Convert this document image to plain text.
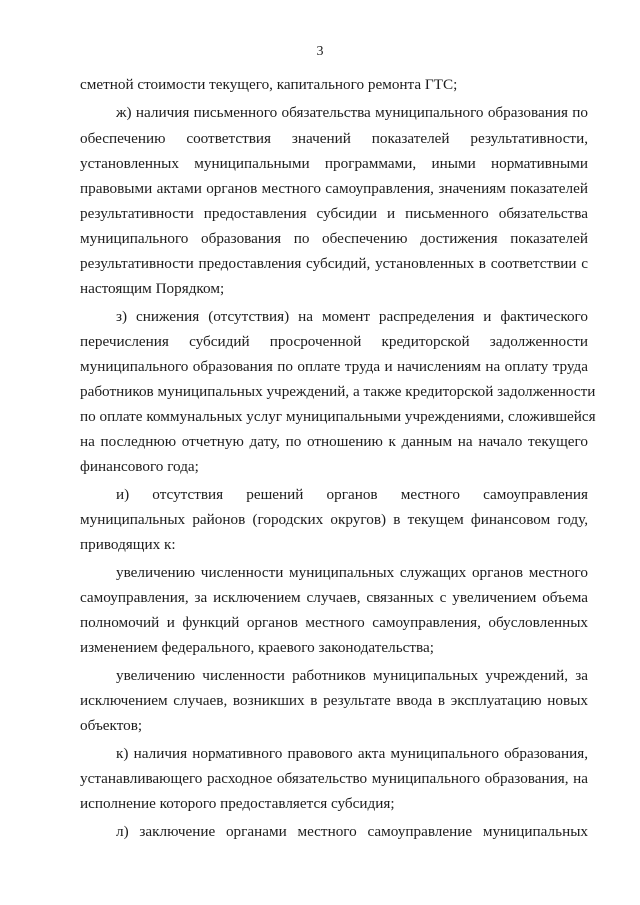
3
сметной стоимости текущего, капитального ремонта ГТС;
ж) наличия письменного обязательства муниципального образования по
обеспечению соответствия значений показателей результативности,
установленных муниципальными программами, иными нормативными
правовыми актами органов местного самоуправления, значениям показателей
результативности предоставления субсидии и письменного обязательства
муниципального образования по обеспечению достижения показателей
результативности предоставления субсидий, установленных в соответствии с
настоящим Порядком;
з) снижения (отсутствия) на момент распределения и фактического
перечисления субсидий просроченной кредиторской задолженности
муниципального образования по оплате труда и начислениям на оплату труда
работников муниципальных учреждений, а также кредиторской задолженности
по оплате коммунальных услуг муниципальными учреждениями, сложившейся
на последнюю отчетную дату, по отношению к данным на начало текущего
финансового года;
и) отсутствия решений органов местного самоуправления
муниципальных районов (городских округов) в текущем финансовом году,
приводящих к:
увеличению численности муниципальных служащих органов местного
самоуправления, за исключением случаев, связанных с увеличением объема
полномочий и функций органов местного самоуправления, обусловленных
изменением федерального, краевого законодательства;
увеличению численности работников муниципальных учреждений, за
исключением случаев, возникших в результате ввода в эксплуатацию новых
объектов;
к) наличия нормативного правового акта муниципального образования,
устанавливающего расходное обязательство муниципального образования, на
исполнение которого предоставляется субсидия;
л) заключение органами местного самоуправление муниципальных
